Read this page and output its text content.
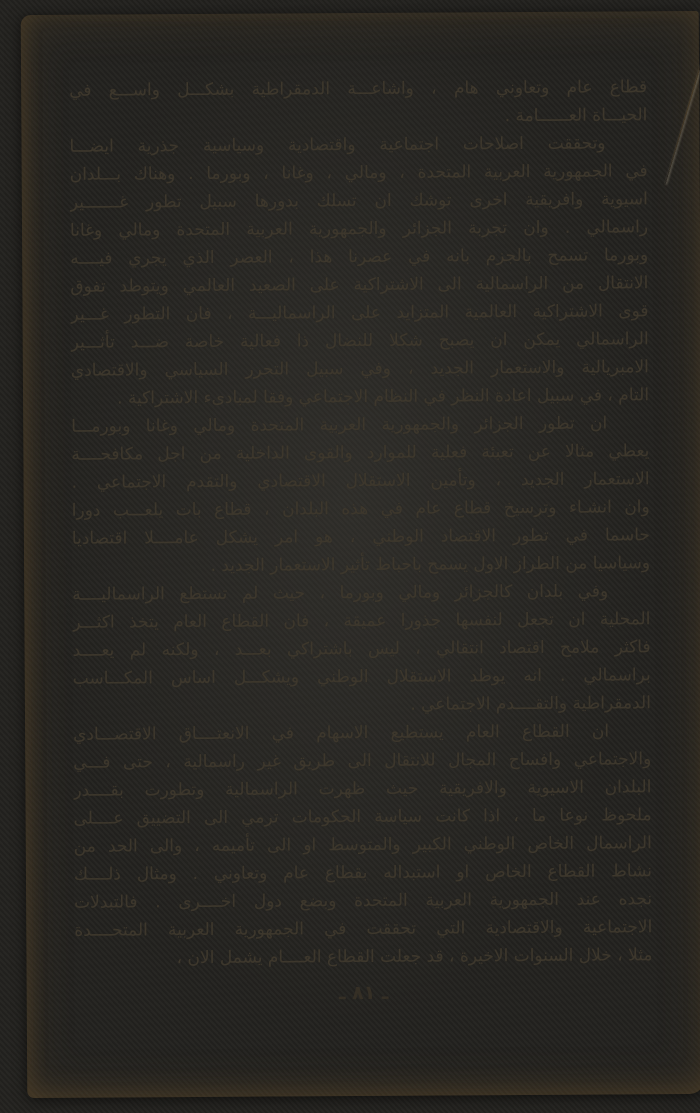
قطاع عام وتعاوني هام ، واشاعـــة الدمقراطية بشكـــل واســـع في
الحيـــاة العــــــامة .
وتحققت اصلاحات اجتماعية واقتصادية وسياسية جذرية ايضـــا
في الجمهورية العربية المتحدة ، ومالي ، وغانا ، وبورما . وهناك بـــلدان
اسيوية وافريقية اخرى توشك ان تسلك بدورها سبيل تطور غـــــــير
راسمالي . وان تجربة الجزائر والجمهورية العربية المتحدة ومالي وغانا
وبورما تسمح بالجزم بانه في عصرنا هذا ، العصر الذي يجري فيــــه
الانتقال من الراسمالية الى الاشتراكية على الصعيد العالمي ويتوطد تفوق
قوى الاشتراكية العالمية المتزايد على الراسماليـــة ، فان التطور غـــير
الراسمالي يمكن ان يصبح شكلا للنضال ذا فعالية خاصة ضـــد تأثـــير
الامبريالية والاستعمار الجديد ، وفي سبيل التحرر السياسي والاقتصادي
التام ، في سبيل اعادة النظر في النظام الاجتماعي وفقا لمبادىء الاشتراكية .
ان تطور الجزائر والجمهورية العربية المتحدة ومالي وغانا وبورمـــا
يعطي مثالا عن تعبئة فعلية للموارد والقوى الداخلية من اجل مكافحــــة
الاستعمار الجديد ، وتأمين الاستقلال الاقتصادي والتقدم الاجتماعي .
وان انشـاء وترسيخ قطاع عام في هذه البلدان ، قطاع بات يلعـــب دورا
حاسما في تطور الاقتصاد الوطني ، هو امر يشكل عامــــلا اقتصاديا
وسياسيا من الطراز الاول يسمح باحباط تأثير الاستعمار الجديد .
وفي بلدان كالجزائر ومالي وبورما ، حيث لم تستطع الراسماليــــة
المحلية ان تجعل لنفسها جذورا عميقة ، فان القطاع العام يتخذ اكثـــر
فاكثر ملامح اقتصاد انتقالي ، ليس باشتراكي بعـــد ، ولكنه لم يعــــد
براسمالي . انه يوطد الاستقلال الوطني ويشكـــل اساس المكـــاسب
الدمقراطية والتقــــدم الاجتماعي .
ان القطاع العام يستطيع الاسهام في الانعتــــاق الاقتصـــادي
والاجتماعي وافساح المجال للانتقال الى طريق غير راسمالية ، حتى فـــي
البلدان الاسيوية والافريقية حيث ظهرت الراسمالية وتطورت بقــــدر
ملحوظ نوعا ما ، اذا كانت سياسة الحكومات ترمي الى التضييق عــــلى
الراسمال الخاص الوطني الكبير والمتوسط او الى تأميمه ، والى الحد من
نشاط القطاع الخاص او استبداله بقطاع عام وتعاوني . ومثال ذلــــك
نجده عند الجمهورية العربية المتحدة وبضع دول اخــــرى . فالتبدلات
الاجتماعية والاقتصادية التي تحققت في الجمهورية العربية المتحــــدة
مثلا ، خلال السنوات الاخيرة ، قد جعلت القطاع العــــام يشمل الان ،
ـ ٨١ ـ
